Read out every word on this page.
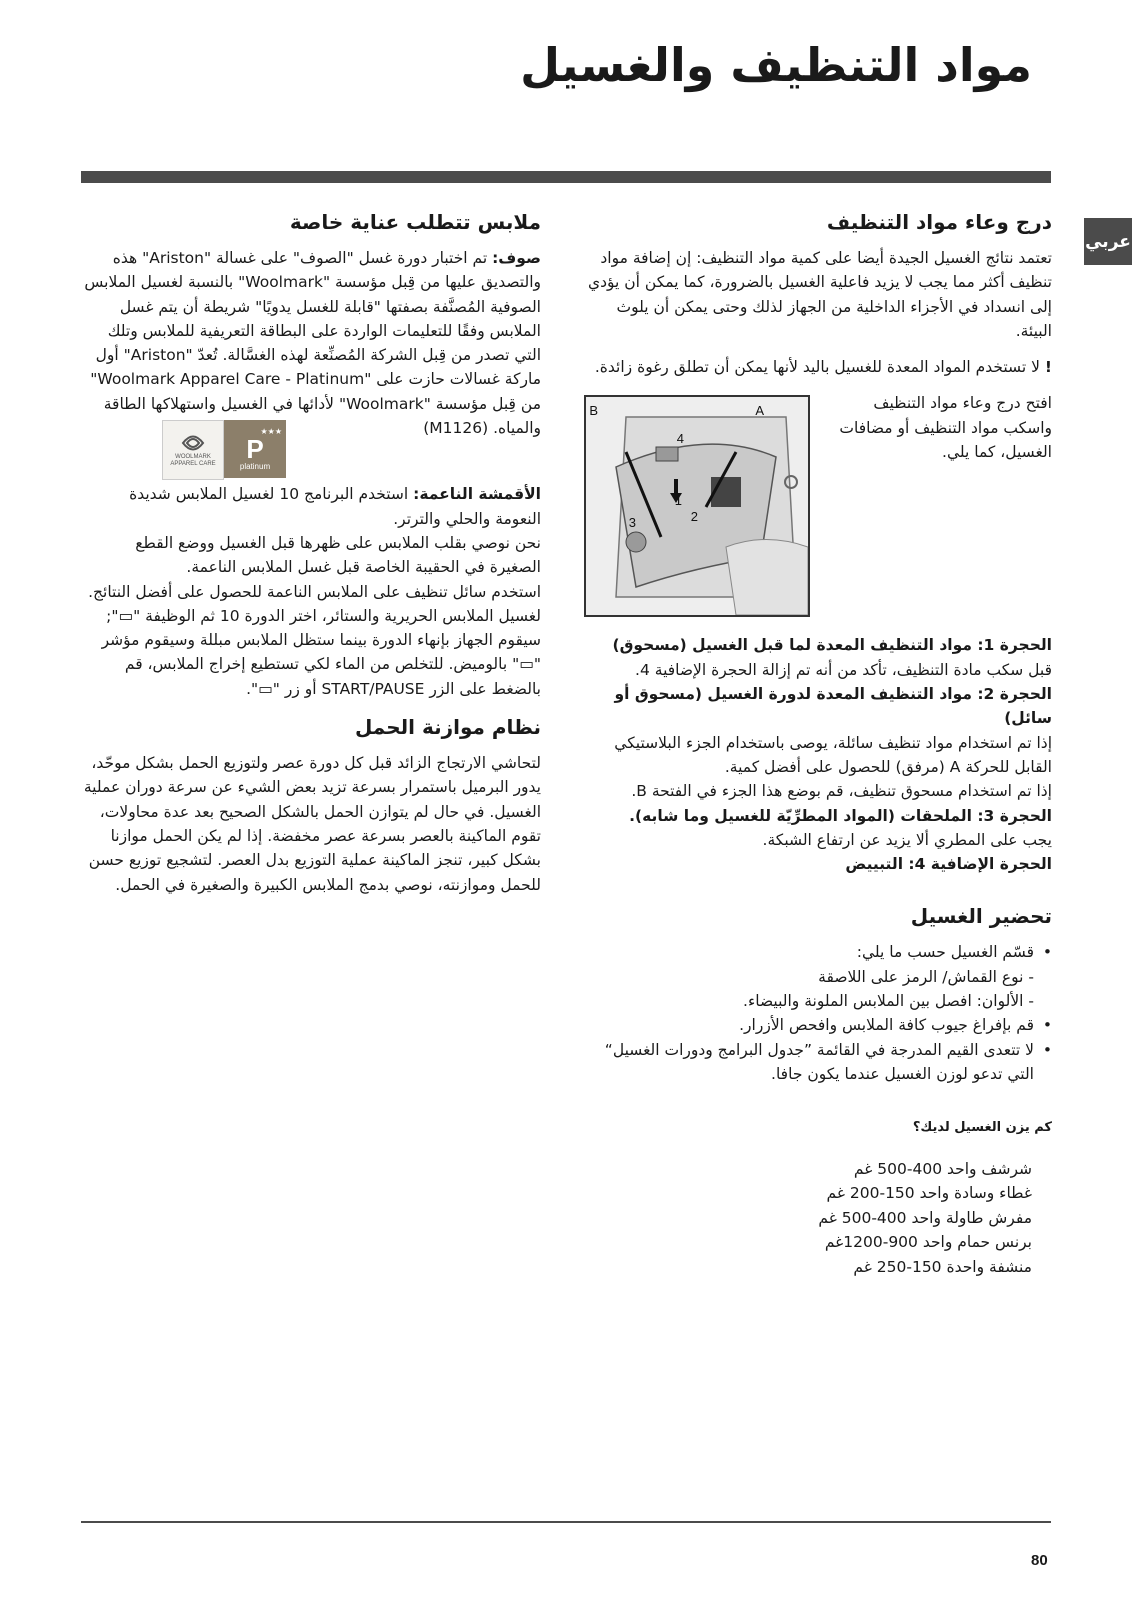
مواد التنظيف والغسيل
عربي
درج وعاء مواد التنظيف

تعتمد نتائج الغسيل الجيدة أيضا على كمية مواد التنظيف: إن إضافة مواد تنظيف أكثر مما يجب لا يزيد فاعلية الغسيل بالضرورة، كما يمكن أن يؤدي إلى انسداد في الأجزاء الداخلية من الجهاز لذلك وحتى يمكن أن يلوث البيئة.

! لا تستخدم المواد المعدة للغسيل باليد لأنها يمكن أن تطلق رغوة زائدة.

افتح درج وعاء مواد التنظيف واسكب مواد التنظيف أو مضافات الغسيل، كما يلي.
B	A
4
1
2
3
الحجرة 1: مواد التنظيف المعدة لما قبل الغسيل (مسحوق)
قبل سكب مادة التنظيف، تأكد من أنه تم إزالة الحجرة الإضافية 4.
الحجرة 2: مواد التنظيف المعدة لدورة الغسيل (مسحوق أو سائل)
إذا تم استخدام مواد تنظيف سائلة، يوصى باستخدام الجزء البلاستيكي القابل للحركة A (مرفق) للحصول على أفضل كمية.
إذا تم استخدام مسحوق تنظيف، قم بوضع هذا الجزء في الفتحة B.
الحجرة 3: الملحقات (المواد المطرِّيّة للغسيل وما شابه).
يجب على المطري ألا يزيد عن ارتفاع الشبكة.
الحجرة الإضافية 4: التبييض
تحضير الغسيل
• قسّم الغسيل حسب ما يلي:
- نوع القماش/ الرمز على اللاصقة
- الألوان: افصل بين الملابس الملونة والبيضاء.
• قم بإفراغ جيوب كافة الملابس وافحص الأزرار.
• لا تتعدى القيم المدرجة في القائمة ”جدول البرامج ودورات الغسيل“ التي تدعو لوزن الغسيل عندما يكون جافا.
كم يزن الغسيل لديك؟
شرشف واحد 400-500 غم
غطاء وسادة واحد 150-200 غم
مفرش طاولة واحد 400-500 غم
برنس حمام واحد 900-1200غم
منشفة واحدة 150-250 غم
ملابس تتطلب عناية خاصة

صوف: تم اختبار دورة غسل "الصوف" على غسالة "Ariston" هذه والتصديق عليها من قِبل مؤسسة "Woolmark" بالنسبة لغسيل الملابس الصوفية المُصنَّفة بصفتها "قابلة للغسل يدويًا" شريطة أن يتم غسل الملابس وفقًا للتعليمات الواردة على البطاقة التعريفية للملابس وتلك التي تصدر من قِبل الشركة المُصنِّعة لهذه الغسَّالة. تُعدّ "Ariston" أول ماركة غسالات حازت على "Woolmark Apparel Care - Platinum" من قِبل مؤسسة "Woolmark" لأدائها في الغسيل واستهلاكها الطاقة والمياه. (M1126)

الأقمشة الناعمة: استخدم البرنامج 10 لغسيل الملابس شديدة النعومة والحلي والترتر.

نحن نوصي بقلب الملابس على ظهرها قبل الغسيل ووضع القطع الصغيرة في الحقيبة الخاصة قبل غسل الملابس الناعمة.

استخدم سائل تنظيف على الملابس الناعمة للحصول على أفضل النتائج. لغسيل الملابس الحريرية والستائر، اختر الدورة 10 ثم الوظيفة "▭"; سيقوم الجهاز بإنهاء الدورة بينما ستظل الملابس مبللة وسيقوم مؤشر "▭" بالوميض. للتخلص من الماء لكي تستطيع إخراج الملابس، قم بالضغط على الزر START/PAUSE أو زر "▭".

نظام موازنة الحمل

لتحاشي الارتجاج الزائد قبل كل دورة عصر ولتوزيع الحمل بشكل موحّد، يدور البرميل باستمرار بسرعة تزيد بعض الشيء عن سرعة دوران عملية الغسيل. في حال لم يتوازن الحمل بالشكل الصحيح بعد عدة محاولات، تقوم الماكينة بالعصر بسرعة عصر مخفضة. إذا لم يكن الحمل موازنا بشكل كبير، تنجز الماكينة عملية التوزيع بدل العصر. لتشجيع توزيع حسن للحمل وموازنته، نوصي بدمج الملابس الكبيرة والصغيرة في الحمل.

WOOLMARK APPAREL CARE
★★★
P
platinum
80
